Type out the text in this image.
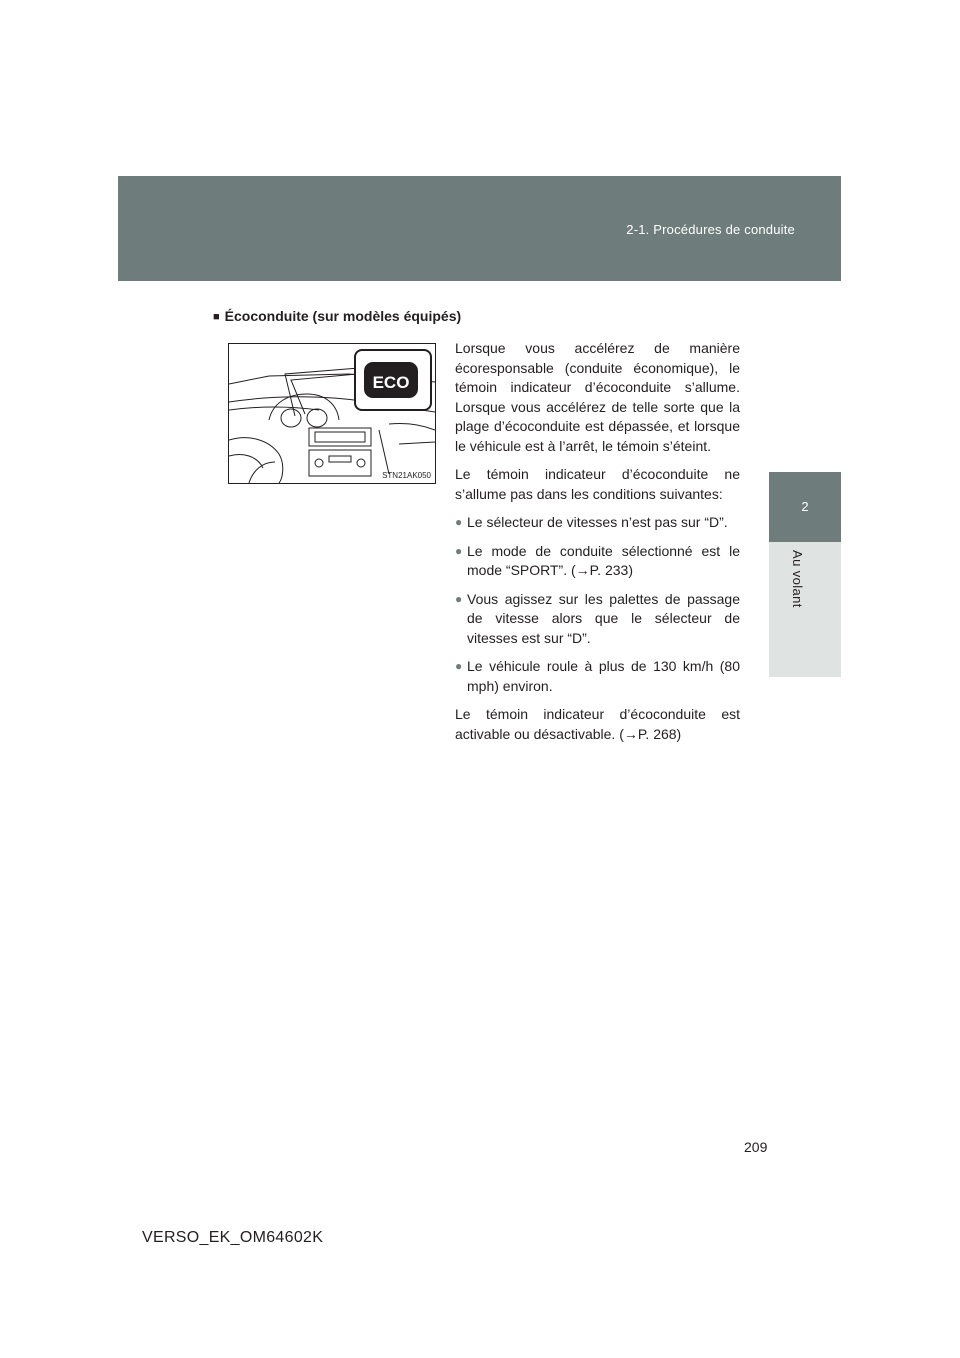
2-1. Procédures de conduite
2
Au volant
■ Écoconduite (sur modèles équipés)
ECO
STN21AK050

Lorsque vous accélérez de manière écoresponsable (conduite économique), le témoin indicateur d’écoconduite s’allume. Lorsque vous accélérez de telle sorte que la plage d’écoconduite est dépassée, et lorsque le véhicule est à l’arrêt, le témoin s’éteint.

Le témoin indicateur d’écoconduite ne s’allume pas dans les conditions suivantes:

● Le sélecteur de vitesses n’est pas sur “D”.
● Le mode de conduite sélectionné est le mode “SPORT”. (→P. 233)
● Vous agissez sur les palettes de passage de vitesse alors que le sélecteur de vitesses est sur “D”.
● Le véhicule roule à plus de 130 km/h (80 mph) environ.

Le témoin indicateur d’écoconduite est activable ou désactivable. (→P. 268)

209
VERSO_EK_OM64602K
